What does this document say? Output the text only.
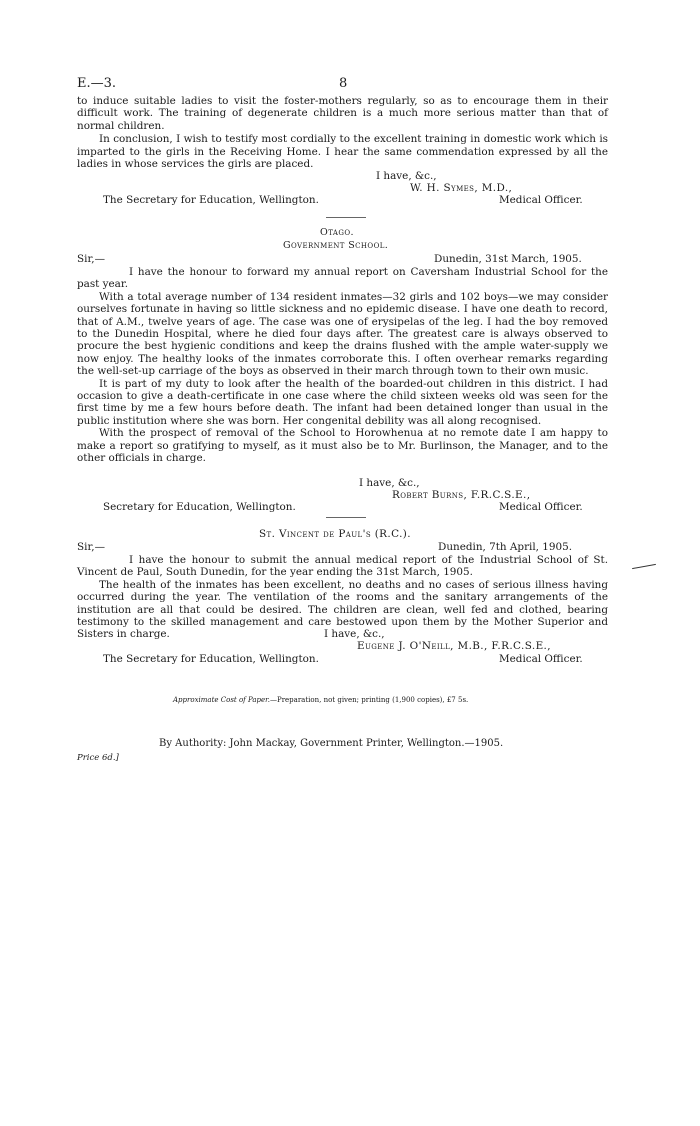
E.—3.	8

to induce suitable ladies to visit the foster-mothers regularly, so as to encourage them in their difficult work. The training of degenerate children is a much more serious matter than that of normal children.

In conclusion, I wish to testify most cordially to the excellent training in domestic work which is imparted to the girls in the Receiving Home. I hear the same commendation expressed by all the ladies in whose services the girls are placed.

I have, &c.,
W. H. Symes, M.D.,
The Secretary for Education, Wellington.	Medical Officer.
Otago.
Government School.
Sir,—	Dunedin, 31st March, 1905.

I have the honour to forward my annual report on Caversham Industrial School for the past year.

With a total average number of 134 resident inmates—32 girls and 102 boys—we may consider ourselves fortunate in having so little sickness and no epidemic disease. I have one death to record, that of A.M., twelve years of age. The case was one of erysipelas of the leg. I had the boy removed to the Dunedin Hospital, where he died four days after. The greatest care is always observed to procure the best hygienic conditions and keep the drains flushed with the ample water-supply we now enjoy. The healthy looks of the inmates corroborate this. I often overhear remarks regarding the well-set-up carriage of the boys as observed in their march through town to their own music.

It is part of my duty to look after the health of the boarded-out children in this district. I had occasion to give a death-certificate in one case where the child sixteen weeks old was seen for the first time by me a few hours before death. The infant had been detained longer than usual in the public institution where she was born. Her congenital debility was all along recognised.

With the prospect of removal of the School to Horowhenua at no remote date I am happy to make a report so gratifying to myself, as it must also be to Mr. Burlinson, the Manager, and to the other officials in charge.

I have, &c.,
Robert Burns, F.R.C.S.E.,
Secretary for Education, Wellington.	Medical Officer.
St. Vincent de Paul's (R.C.).
Sir,—	Dunedin, 7th April, 1905.

I have the honour to submit the annual medical report of the Industrial School of St. Vincent de Paul, South Dunedin, for the year ending the 31st March, 1905.

The health of the inmates has been excellent, no deaths and no cases of serious illness having occurred during the year. The ventilation of the rooms and the sanitary arrangements of the institution are all that could be desired. The children are clean, well fed and clothed, bearing testimony to the skilled management and care bestowed upon them by the Mother Superior and Sisters in charge.	I have, &c.,
Eugene J. O'Neill, M.B., F.R.C.S.E.,
The Secretary for Education, Wellington.	Medical Officer.
Approximate Cost of Paper.—Preparation, not given; printing (1,900 copies), £7 5s.
By Authority: John Mackay, Government Printer, Wellington.—1905.
Price 6d.]
